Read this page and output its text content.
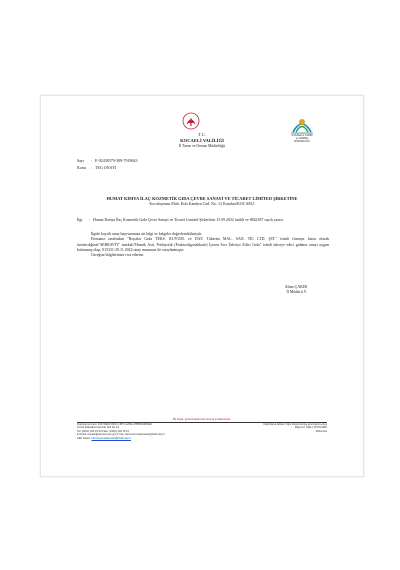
T.C.
KOCAELİ VALİLİĞİ
İl Tarım ve Orman Müdürlüğü
KOCAELİ İL TARIM
ve ORMAN
MÜDÜRLÜĞÜ
Sayı : E-92438379-309-7918643
Konu : TEG ONAYI
HUMAT KİMYA İLAÇ KOZMETİK GIDA ÇEVRE SANAYİ VE TİCARET LİMİTED ŞİRKETİNE
Kocakaymaz Mah. Eski Kandıra Cad. No: 12 Kandıra/KOCAELİ
İlgi : Humat Kimya İlaç Kozmetik Gıda Çevre Sanayi ve Ticaret Limited Şirketi'nin 15.09.2022 tarihli ve 8842387 sayılı yazısı.

İlgide kayıtlı onay başvurunuza ait bilgi ve belgeler değerlendirilmiştir.

Firmanız tarafından "Ruyalar Gıda TEKS. KUYUM. ve DAY. Tüketim MAL. SAN. TİC LTD. ŞTİ." isimli firmaya fason olarak üretttirdiğiniz"SERRAVİT" markalı"Humik Asit, Prebiyotik (Fruktooligosakkarit) İçeren Sıvı Takviye Edici Gıda" isimli takviye edici gıdanın onayı uygun bulunmuş olup, 015331-29.11.2022 onay numarası ile onaylanmıştır.

Gereğini bilgilerinize rica ederim.

Altan ÇAKIR
İl Müdürü V.
Bu belge, güvenli elektronik imza ile imzalanmıştır.
Doğrulama Kodu: 33A7DE00-6DCC-4571-AA5A-47B59193DFE3	Doğrulama Adresi: https://www.turkiye.gov.tr/tarim-ebys
Ornek Mahallesi Hamzak Sok No:13	Bilgi için: Nida YÜNTÜVERİ
Tel: (0262) 332 15 00 Faks: (0262) 332 15 10	Mühendis
E-Posta: kocaeli@tarimorman.gov.tr Kep: tarimveormankocaeli@hs01.kep.tr
KEP Adresi: tarimveormankocaeli@hs01.kep.tr
